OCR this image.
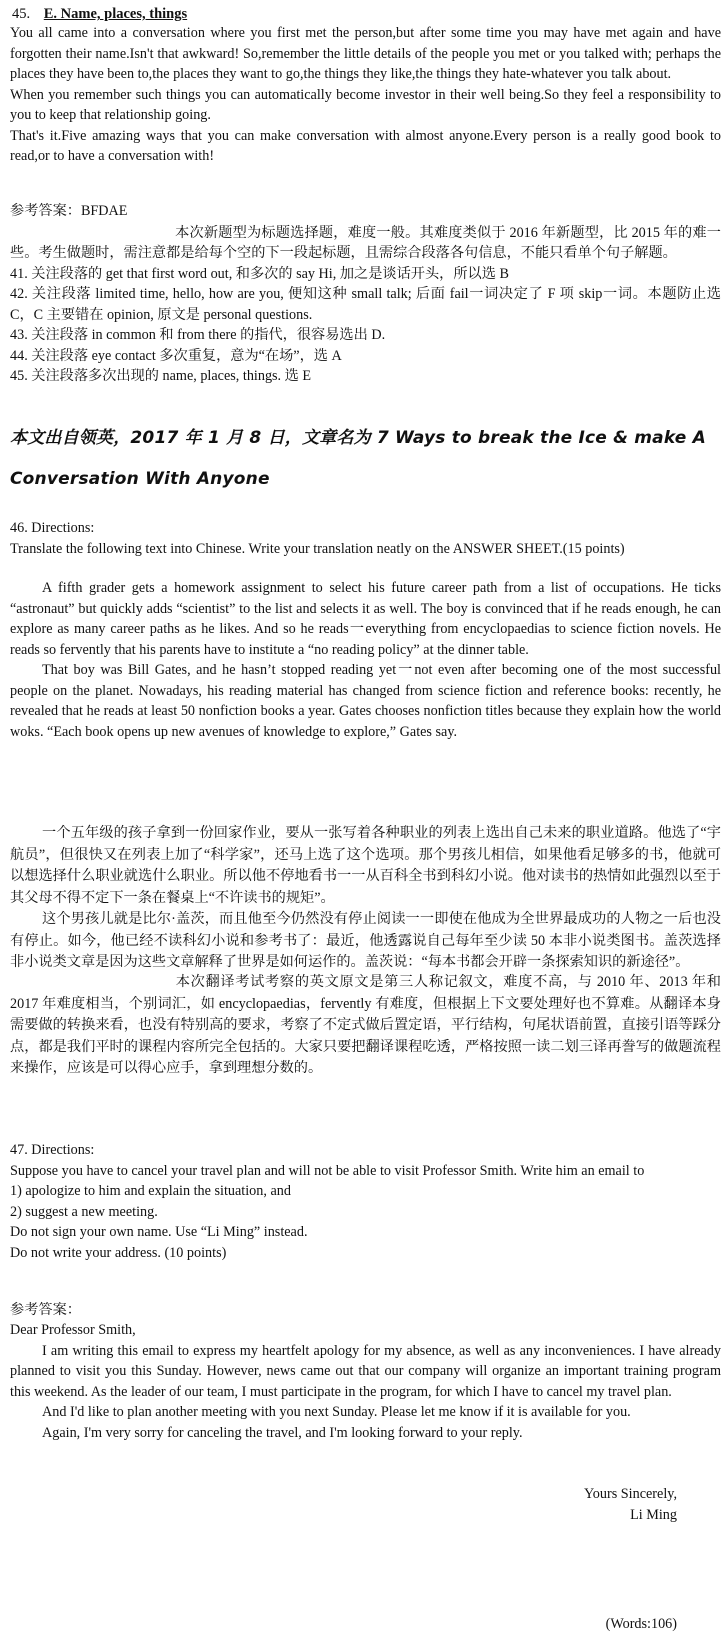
45. E. Name, places, things

You all came into a conversation where you first met the person,but after some time you may have met again and have forgotten their name.Isn't that awkward! So,remember the little details of the people you met or you talked with; perhaps the places they have been to,the places they want to go,the things they like,the things they hate-whatever you talk about.

When you remember such things you can automatically become investor in their well being.So they feel a responsibility to you to keep that relationship going.

That's it.Five amazing ways that you can make conversation with almost anyone.Every person is a really good book to read,or to have a conversation with!

参考答案：BFDAE

本次新题型为标题选择题，难度一般。其难度类似于 2016 年新题型，比 2015 年的难一些。考生做题时，需注意都是给每个空的下一段起标题，且需综合段落各句信息，不能只看单个句子解题。

41. 关注段落的 get that first word out, 和多次的 say Hi, 加之是谈话开头，所以选 B

42. 关注段落 limited time, hello, how are you, 便知这种 small talk; 后面 fail一词决定了 F 项 skip一词。本题防止选 C，C 主要错在 opinion, 原文是 personal questions.

43. 关注段落 in common 和 from there 的指代，很容易选出 D.

44. 关注段落 eye contact 多次重复，意为“在场”，选 A

45. 关注段落多次出现的 name, places, things. 选 E

本文出自领英，2017 年 1 月 8 日，文章名为 7 Ways to break the Ice & make A Conversation With Anyone

46. Directions:

Translate the following text into Chinese. Write your translation neatly on the ANSWER SHEET.(15 points)

A fifth grader gets a homework assignment to select his future career path from a list of occupations. He ticks “astronaut” but quickly adds “scientist” to the list and selects it as well. The boy is convinced that if he reads enough, he can explore as many career paths as he likes. And so he reads一everything from encyclopaedias to science fiction novels. He reads so fervently that his parents have to institute a “no reading policy” at the dinner table.

That boy was Bill Gates, and he hasn’t stopped reading yet一not even after becoming one of the most successful people on the planet. Nowadays, his reading material has changed from science fiction and reference books: recently, he revealed that he reads at least 50 nonfiction books a year. Gates chooses nonfiction titles because they explain how the world woks. “Each book opens up new avenues of knowledge to explore,” Gates say.

一个五年级的孩子拿到一份回家作业，要从一张写着各种职业的列表上选出自己未来的职业道路。他选了“宇航员”，但很快又在列表上加了“科学家”，还马上选了这个选项。那个男孩儿相信，如果他看足够多的书，他就可以想选择什么职业就选什么职业。所以他不停地看书一一从百科全书到科幻小说。他对读书的热情如此强烈以至于其父母不得不定下一条在餐桌上“不许读书的规矩”。

这个男孩儿就是比尔·盖茨，而且他至今仍然没有停止阅读一一即使在他成为全世界最成功的人物之一后也没有停止。如今，他已经不读科幻小说和参考书了：最近，他透露说自己每年至少读 50 本非小说类图书。盖茨选择非小说类文章是因为这些文章解释了世界是如何运作的。盖茨说：“每本书都会开辟一条探索知识的新途径”。

本次翻译考试考察的英文原文是第三人称记叙文，难度不高，与 2010 年、2013 年和 2017 年难度相当，个别词汇，如 encyclopaedias，fervently 有难度，但根据上下文要处理好也不算难。从翻译本身需要做的转换来看，也没有特别高的要求，考察了不定式做后置定语，平行结构，句尾状语前置，直接引语等踩分点，都是我们平时的课程内容所完全包括的。大家只要把翻译课程吃透，严格按照一读二划三译再誊写的做题流程来操作，应该是可以得心应手，拿到理想分数的。

47. Directions:

Suppose you have to cancel your travel plan and will not be able to visit Professor Smith. Write him an email to

1) apologize to him and explain the situation, and

2) suggest a new meeting.

Do not sign your own name. Use “Li Ming” instead.

Do not write your address. (10 points)

参考答案：

Dear Professor Smith,

I am writing this email to express my heartfelt apology for my absence, as well as any inconveniences. I have already planned to visit you this Sunday. However, news came out that our company will organize an important training program this weekend. As the leader of our team, I must participate in the program, for which I have to cancel my travel plan.

And I'd like to plan another meeting with you next Sunday. Please let me know if it is available for you.

Again, I'm very sorry for canceling the travel, and I'm looking forward to your reply.

Yours Sincerely,

Li Ming

(Words:106)
